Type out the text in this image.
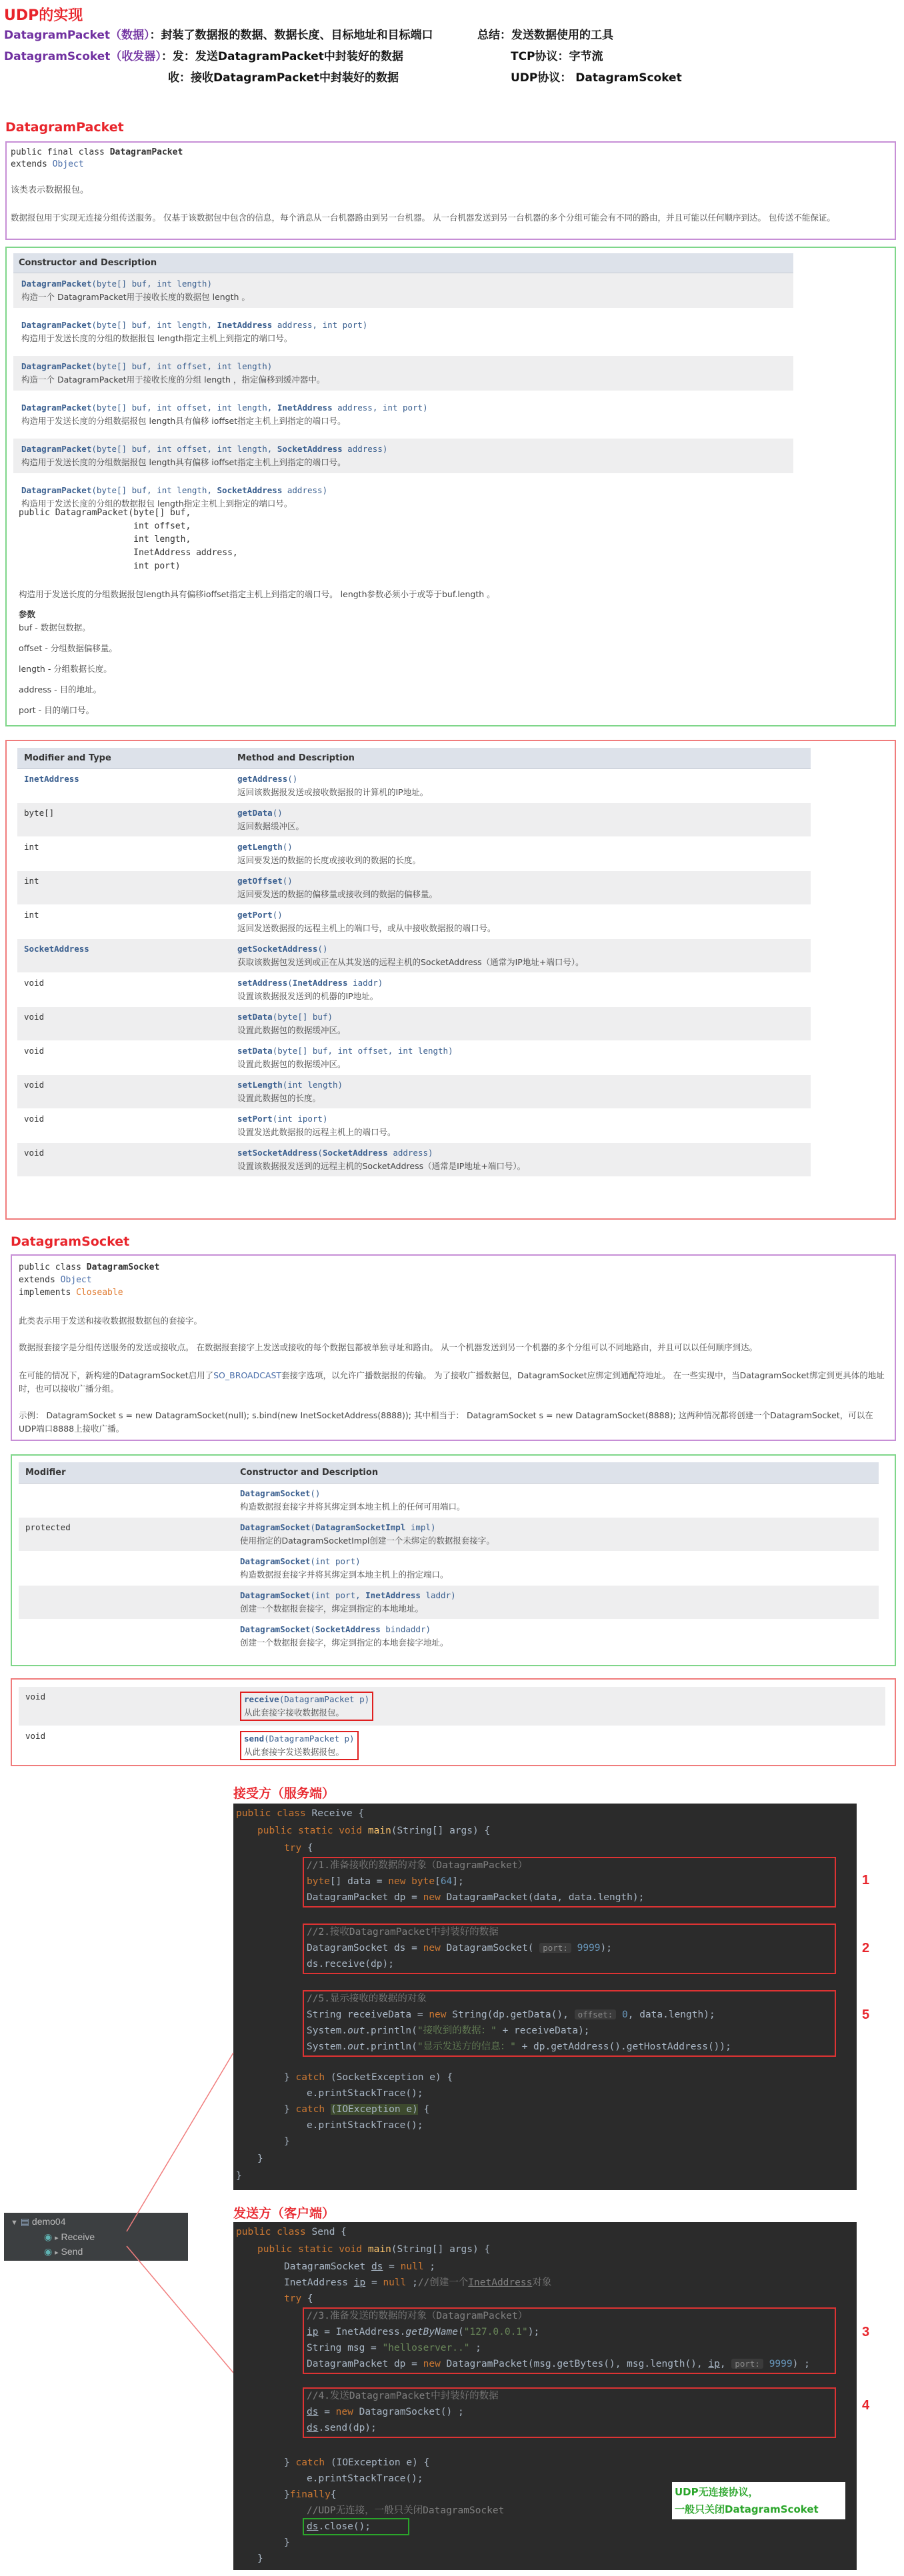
UDP的实现
DatagramPacket（数据）：封装了数据报的数据、数据长度、目标地址和目标端口
DatagramScoket（收发器）：发：发送DatagramPacket中封装好的数据
收：接收DatagramPacket中封装好的数据
总结：发送数据使用的工具
TCP协议：字节流
UDP协议： DatagramScoket
DatagramPacket
public final class DatagramPacket
extends Object
该类表示数据报包。
数据报包用于实现无连接分组传送服务。 仅基于该数据包中包含的信息，每个消息从一台机器路由到另一台机器。 从一台机器发送到另一台机器的多个分组可能会有不同的路由，并且可能以任何顺序到达。 包传送不能保证。
Constructor and Description
DatagramPacket(byte[] buf, int length)
构造一个 DatagramPacket用于接收长度的数据包 length 。
DatagramPacket(byte[] buf, int length, InetAddress address, int port)
构造用于发送长度的分组的数据报包 length指定主机上到指定的端口号。
DatagramPacket(byte[] buf, int offset, int length)
构造一个 DatagramPacket用于接收长度的分组 length ，指定偏移到缓冲器中。
DatagramPacket(byte[] buf, int offset, int length, InetAddress address, int port)
构造用于发送长度的分组数据报包 length具有偏移 ioffset指定主机上到指定的端口号。
DatagramPacket(byte[] buf, int offset, int length, SocketAddress address)
构造用于发送长度的分组数据报包 length具有偏移 ioffset指定主机上到指定的端口号。
DatagramPacket(byte[] buf, int length, SocketAddress address)
构造用于发送长度的分组的数据报包 length指定主机上到指定的端口号。
public DatagramPacket(byte[] buf,
int offset,
int length,
InetAddress address,
int port)
构造用于发送长度的分组数据报包length具有偏移ioffset指定主机上到指定的端口号。 length参数必须小于或等于buf.length 。
参数
buf - 数据包数据。
offset - 分组数据偏移量。
length - 分组数据长度。
address - 目的地址。
port - 目的端口号。
Modifier and Type	Method and Description
InetAddress	getAddress()
返回该数据报发送或接收数据报的计算机的IP地址。

byte[]	getData()
返回数据缓冲区。

int	getLength()
返回要发送的数据的长度或接收到的数据的长度。

int	getOffset()
返回要发送的数据的偏移量或接收到的数据的偏移量。

int	getPort()
返回发送数据报的远程主机上的端口号，或从中接收数据报的端口号。

SocketAddress	getSocketAddress()
获取该数据包发送到或正在从其发送的远程主机的SocketAddress（通常为IP地址+端口号）。

void	setAddress(InetAddress iaddr)
设置该数据报发送到的机器的IP地址。

void	setData(byte[] buf)
设置此数据包的数据缓冲区。

void	setData(byte[] buf, int offset, int length)
设置此数据包的数据缓冲区。

void	setLength(int length)
设置此数据包的长度。

void	setPort(int iport)
设置发送此数据报的远程主机上的端口号。

void	setSocketAddress(SocketAddress address)
设置该数据报发送到的远程主机的SocketAddress（通常是IP地址+端口号）。
DatagramSocket
public class DatagramSocket
extends Object
implements Closeable
此类表示用于发送和接收数据报数据包的套接字。
数据报套接字是分组传送服务的发送或接收点。 在数据报套接字上发送或接收的每个数据包都被单独寻址和路由。 从一个机器发送到另一个机器的多个分组可以不同地路由，并且可以以任何顺序到达。
在可能的情况下，新构建的DatagramSocket启用了SO_BROADCAST套接字选项，以允许广播数据报的传输。 为了接收广播数据包，DatagramSocket应绑定到通配符地址。 在一些实现中，当DatagramSocket绑定到更具体的地址时，也可以接收广播分组。
示例： DatagramSocket s = new DatagramSocket(null); s.bind(new InetSocketAddress(8888)); 其中相当于： DatagramSocket s = new DatagramSocket(8888); 这两种情况都将创建一个DatagramSocket，可以在UDP端口8888上接收广播。
Modifier	Constructor and Description

	DatagramSocket()
构造数据报套接字并将其绑定到本地主机上的任何可用端口。

protected	DatagramSocket(DatagramSocketImpl impl)
使用指定的DatagramSocketImpl创建一个未绑定的数据报套接字。

	DatagramSocket(int port)
构造数据报套接字并将其绑定到本地主机上的指定端口。

	DatagramSocket(int port, InetAddress laddr)
创建一个数据报套接字，绑定到指定的本地地址。

	DatagramSocket(SocketAddress bindaddr)
创建一个数据报套接字，绑定到指定的本地套接字地址。
void	receive(DatagramPacket p)
从此套接字接收数据报包。

void	send(DatagramPacket p)
从此套接字发送数据报包。
接受方（服务端）
public class Receive {
public static void main(String[] args) {
try {
//1.准备接收的数据的对象（DatagramPacket）
byte[] data = new byte[64];
DatagramPacket dp = new DatagramPacket(data, data.length);
//2.接收DatagramPacket中封装好的数据
DatagramSocket ds = new DatagramSocket( port: 9999);
ds.receive(dp);
//5.显示接收的数据的对象
String receiveData = new String(dp.getData(), offset: 0, data.length);
System.out.println("接收到的数据：" + receiveData);
System.out.println("显示发送方的信息：" + dp.getAddress().getHostAddress());
} catch (SocketException e) {
e.printStackTrace();
} catch (IOException e) {
e.printStackTrace();
}
}
}
1
2
5
▼ ▤ demo04
◉ ▸ Receive
◉ ▸ Send
发送方（客户端）
public class Send {
public static void main(String[] args) {
DatagramSocket ds = null ;
InetAddress ip = null ;//创建一个InetAddress对象
try {
//3.准备发送的数据的对象（DatagramPacket）
ip = InetAddress.getByName("127.0.0.1");
String msg = "helloserver.." ;
DatagramPacket dp = new DatagramPacket(msg.getBytes(), msg.length(), ip, port: 9999) ;
//4.发送DatagramPacket中封装好的数据
ds = new DatagramSocket() ;
ds.send(dp);
} catch (IOException e) {
e.printStackTrace();
}finally{
//UDP无连接，一般只关闭DatagramSocket
ds.close();
}
}
3
4
UDP无连接协议，
一般只关闭DatagramScoket
